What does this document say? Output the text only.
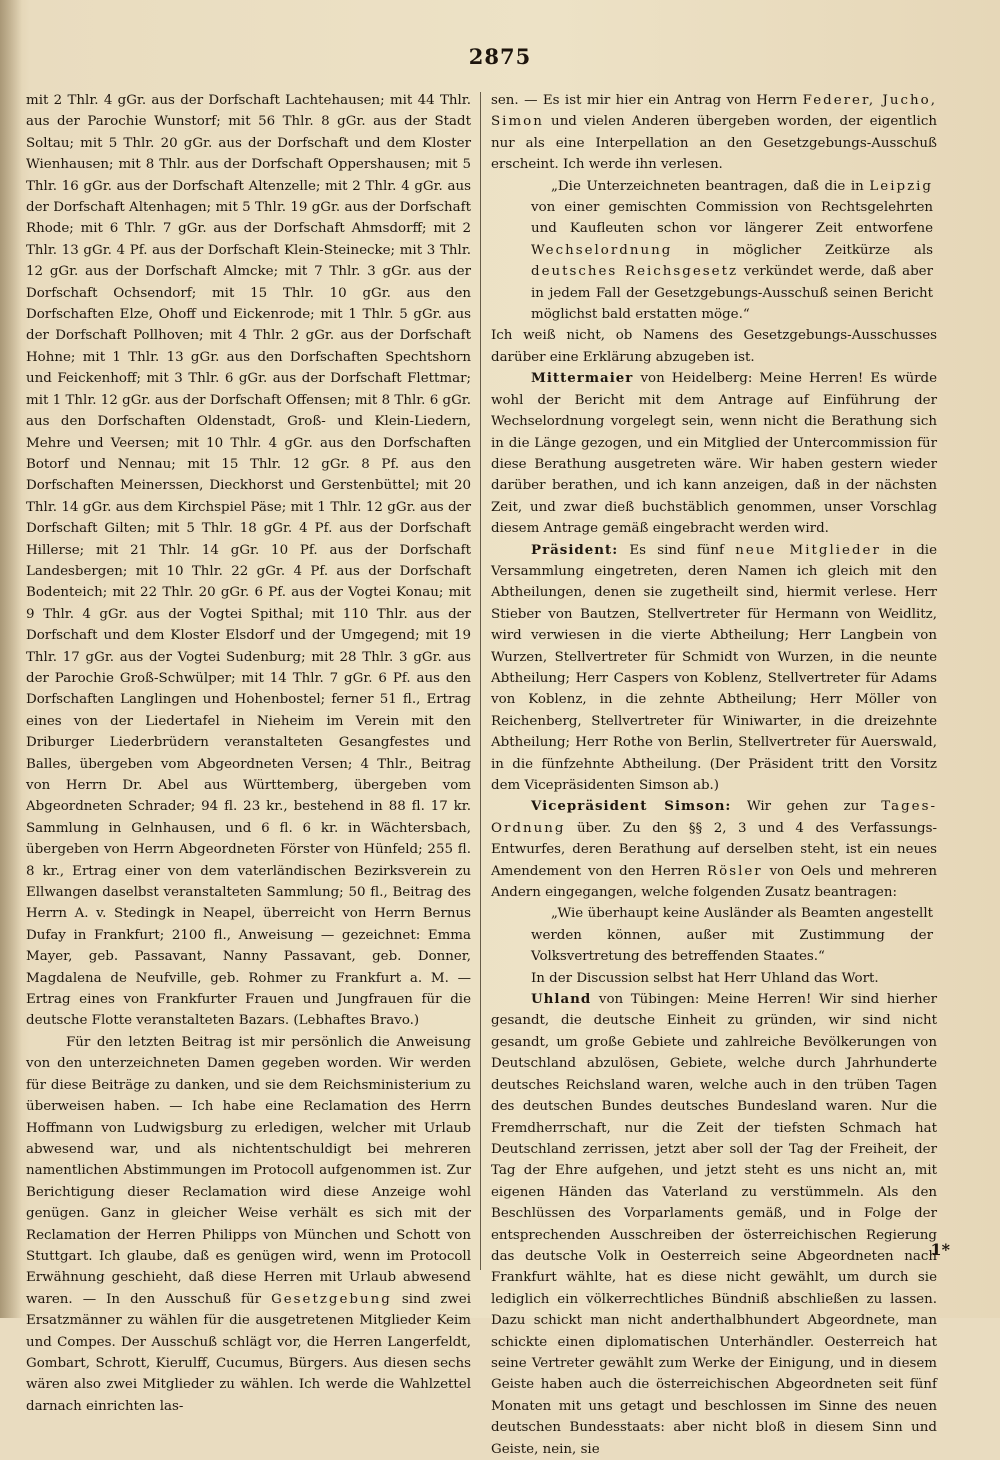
2875

mit 2 Thlr. 4 gGr. aus der Dorfschaft Lachtehausen; mit 44 Thlr. aus der Parochie Wunstorf; mit 56 Thlr. 8 gGr. aus der Stadt Soltau; mit 5 Thlr. 20 gGr. aus der Dorfschaft und dem Kloster Wienhausen; mit 8 Thlr. aus der Dorfschaft Oppershausen; mit 5 Thlr. 16 gGr. aus der Dorfschaft Altenzelle; mit 2 Thlr. 4 gGr. aus der Dorfschaft Altenhagen; mit 5 Thlr. 19 gGr. aus der Dorfschaft Rhode; mit 6 Thlr. 7 gGr. aus der Dorfschaft Ahmsdorff; mit 2 Thlr. 13 gGr. 4 Pf. aus der Dorfschaft Klein-Steinecke; mit 3 Thlr. 12 gGr. aus der Dorfschaft Almcke; mit 7 Thlr. 3 gGr. aus der Dorfschaft Ochsendorf; mit 15 Thlr. 10 gGr. aus den Dorfschaften Elze, Ohoff und Eickenrode; mit 1 Thlr. 5 gGr. aus der Dorfschaft Pollhoven; mit 4 Thlr. 2 gGr. aus der Dorfschaft Hohne; mit 1 Thlr. 13 gGr. aus den Dorfschaften Spechtshorn und Feickenhoff; mit 3 Thlr. 6 gGr. aus der Dorfschaft Flettmar; mit 1 Thlr. 12 gGr. aus der Dorfschaft Offensen; mit 8 Thlr. 6 gGr. aus den Dorfschaften Oldenstadt, Groß- und Klein-Liedern, Mehre und Veersen; mit 10 Thlr. 4 gGr. aus den Dorfschaften Botorf und Nennau; mit 15 Thlr. 12 gGr. 8 Pf. aus den Dorfschaften Meinerssen, Dieckhorst und Gerstenbüttel; mit 20 Thlr. 14 gGr. aus dem Kirchspiel Päse; mit 1 Thlr. 12 gGr. aus der Dorfschaft Gilten; mit 5 Thlr. 18 gGr. 4 Pf. aus der Dorfschaft Hillerse; mit 21 Thlr. 14 gGr. 10 Pf. aus der Dorfschaft Landesbergen; mit 10 Thlr. 22 gGr. 4 Pf. aus der Dorfschaft Bodenteich; mit 22 Thlr. 20 gGr. 6 Pf. aus der Vogtei Konau; mit 9 Thlr. 4 gGr. aus der Vogtei Spithal; mit 110 Thlr. aus der Dorfschaft und dem Kloster Elsdorf und der Umgegend; mit 19 Thlr. 17 gGr. aus der Vogtei Sudenburg; mit 28 Thlr. 3 gGr. aus der Parochie Groß-Schwülper; mit 14 Thlr. 7 gGr. 6 Pf. aus den Dorfschaften Langlingen und Hohenbostel; ferner 51 fl., Ertrag eines von der Liedertafel in Nieheim im Verein mit den Driburger Liederbrüdern veranstalteten Gesangfestes und Balles, übergeben vom Abgeordneten Versen; 4 Thlr., Beitrag von Herrn Dr. Abel aus Württemberg, übergeben vom Abgeordneten Schrader; 94 fl. 23 kr., bestehend in 88 fl. 17 kr. Sammlung in Gelnhausen, und 6 fl. 6 kr. in Wächtersbach, übergeben von Herrn Abgeordneten Förster von Hünfeld; 255 fl. 8 kr., Ertrag einer von dem vaterländischen Bezirksverein zu Ellwangen daselbst veranstalteten Sammlung; 50 fl., Beitrag des Herrn A. v. Stedingk in Neapel, überreicht von Herrn Bernus Dufay in Frankfurt; 2100 fl., Anweisung — gezeichnet: Emma Mayer, geb. Passavant, Nanny Passavant, geb. Donner, Magdalena de Neufville, geb. Rohmer zu Frankfurt a. M. — Ertrag eines von Frankfurter Frauen und Jungfrauen für die deutsche Flotte veranstalteten Bazars. (Lebhaftes Bravo.)

Für den letzten Beitrag ist mir persönlich die Anweisung von den unterzeichneten Damen gegeben worden. Wir werden für diese Beiträge zu danken, und sie dem Reichsministerium zu überweisen haben. — Ich habe eine Reclamation des Herrn Hoffmann von Ludwigsburg zu erledigen, welcher mit Urlaub abwesend war, und als nichtentschuldigt bei mehreren namentlichen Abstimmungen im Protocoll aufgenommen ist. Zur Berichtigung dieser Reclamation wird diese Anzeige wohl genügen. Ganz in gleicher Weise verhält es sich mit der Reclamation der Herren Philipps von München und Schott von Stuttgart. Ich glaube, daß es genügen wird, wenn im Protocoll Erwähnung geschieht, daß diese Herren mit Urlaub abwesend waren. — In den Ausschuß für Gesetzgebung sind zwei Ersatzmänner zu wählen für die ausgetretenen Mitglieder Keim und Compes. Der Ausschuß schlägt vor, die Herren Langerfeldt, Gombart, Schrott, Kierulff, Cucumus, Bürgers. Aus diesen sechs wären also zwei Mitglieder zu wählen. Ich werde die Wahlzettel darnach einrichten las-

sen. — Es ist mir hier ein Antrag von Herrn Federer, Jucho, Simon und vielen Anderen übergeben worden, der eigentlich nur als eine Interpellation an den Gesetzgebungs-Ausschuß erscheint. Ich werde ihn verlesen.

„Die Unterzeichneten beantragen, daß die in Leipzig von einer gemischten Commission von Rechtsgelehrten und Kaufleuten schon vor längerer Zeit entworfene Wechselordnung in möglicher Zeitkürze als deutsches Reichsgesetz verkündet werde, daß aber in jedem Fall der Gesetzgebungs-Ausschuß seinen Bericht möglichst bald erstatten möge.“

Ich weiß nicht, ob Namens des Gesetzgebungs-Ausschusses darüber eine Erklärung abzugeben ist.

Mittermaier von Heidelberg: Meine Herren! Es würde wohl der Bericht mit dem Antrage auf Einführung der Wechselordnung vorgelegt sein, wenn nicht die Berathung sich in die Länge gezogen, und ein Mitglied der Untercommission für diese Berathung ausgetreten wäre. Wir haben gestern wieder darüber berathen, und ich kann anzeigen, daß in der nächsten Zeit, und zwar dieß buchstäblich genommen, unser Vorschlag diesem Antrage gemäß eingebracht werden wird.

Präsident: Es sind fünf neue Mitglieder in die Versammlung eingetreten, deren Namen ich gleich mit den Abtheilungen, denen sie zugetheilt sind, hiermit verlese. Herr Stieber von Bautzen, Stellvertreter für Hermann von Weidlitz, wird verwiesen in die vierte Abtheilung; Herr Langbein von Wurzen, Stellvertreter für Schmidt von Wurzen, in die neunte Abtheilung; Herr Caspers von Koblenz, Stellvertreter für Adams von Koblenz, in die zehnte Abtheilung; Herr Möller von Reichenberg, Stellvertreter für Winiwarter, in die dreizehnte Abtheilung; Herr Rothe von Berlin, Stellvertreter für Auerswald, in die fünfzehnte Abtheilung. (Der Präsident tritt den Vorsitz dem Vicepräsidenten Simson ab.)

Vicepräsident Simson: Wir gehen zur Tages-Ordnung über. Zu den §§ 2, 3 und 4 des Verfassungs-Entwurfes, deren Berathung auf derselben steht, ist ein neues Amendement von den Herren Rösler von Oels und mehreren Andern eingegangen, welche folgenden Zusatz beantragen:

„Wie überhaupt keine Ausländer als Beamten angestellt werden können, außer mit Zustimmung der Volksvertretung des betreffenden Staates.“

In der Discussion selbst hat Herr Uhland das Wort.

Uhland von Tübingen: Meine Herren! Wir sind hierher gesandt, die deutsche Einheit zu gründen, wir sind nicht gesandt, um große Gebiete und zahlreiche Bevölkerungen von Deutschland abzulösen, Gebiete, welche durch Jahrhunderte deutsches Reichsland waren, welche auch in den trüben Tagen des deutschen Bundes deutsches Bundesland waren. Nur die Fremdherrschaft, nur die Zeit der tiefsten Schmach hat Deutschland zerrissen, jetzt aber soll der Tag der Freiheit, der Tag der Ehre aufgehen, und jetzt steht es uns nicht an, mit eigenen Händen das Vaterland zu verstümmeln. Als den Beschlüssen des Vorparlaments gemäß, und in Folge der entsprechenden Ausschreiben der österreichischen Regierung das deutsche Volk in Oesterreich seine Abgeordneten nach Frankfurt wählte, hat es diese nicht gewählt, um durch sie lediglich ein völkerrechtliches Bündniß abschließen zu lassen. Dazu schickt man nicht anderthalbhundert Abgeordnete, man schickte einen diplomatischen Unterhändler. Oesterreich hat seine Vertreter gewählt zum Werke der Einigung, und in diesem Geiste haben auch die österreichischen Abgeordneten seit fünf Monaten mit uns getagt und beschlossen im Sinne des neuen deutschen Bundesstaats: aber nicht bloß in diesem Sinn und Geiste, nein, sie

1*
